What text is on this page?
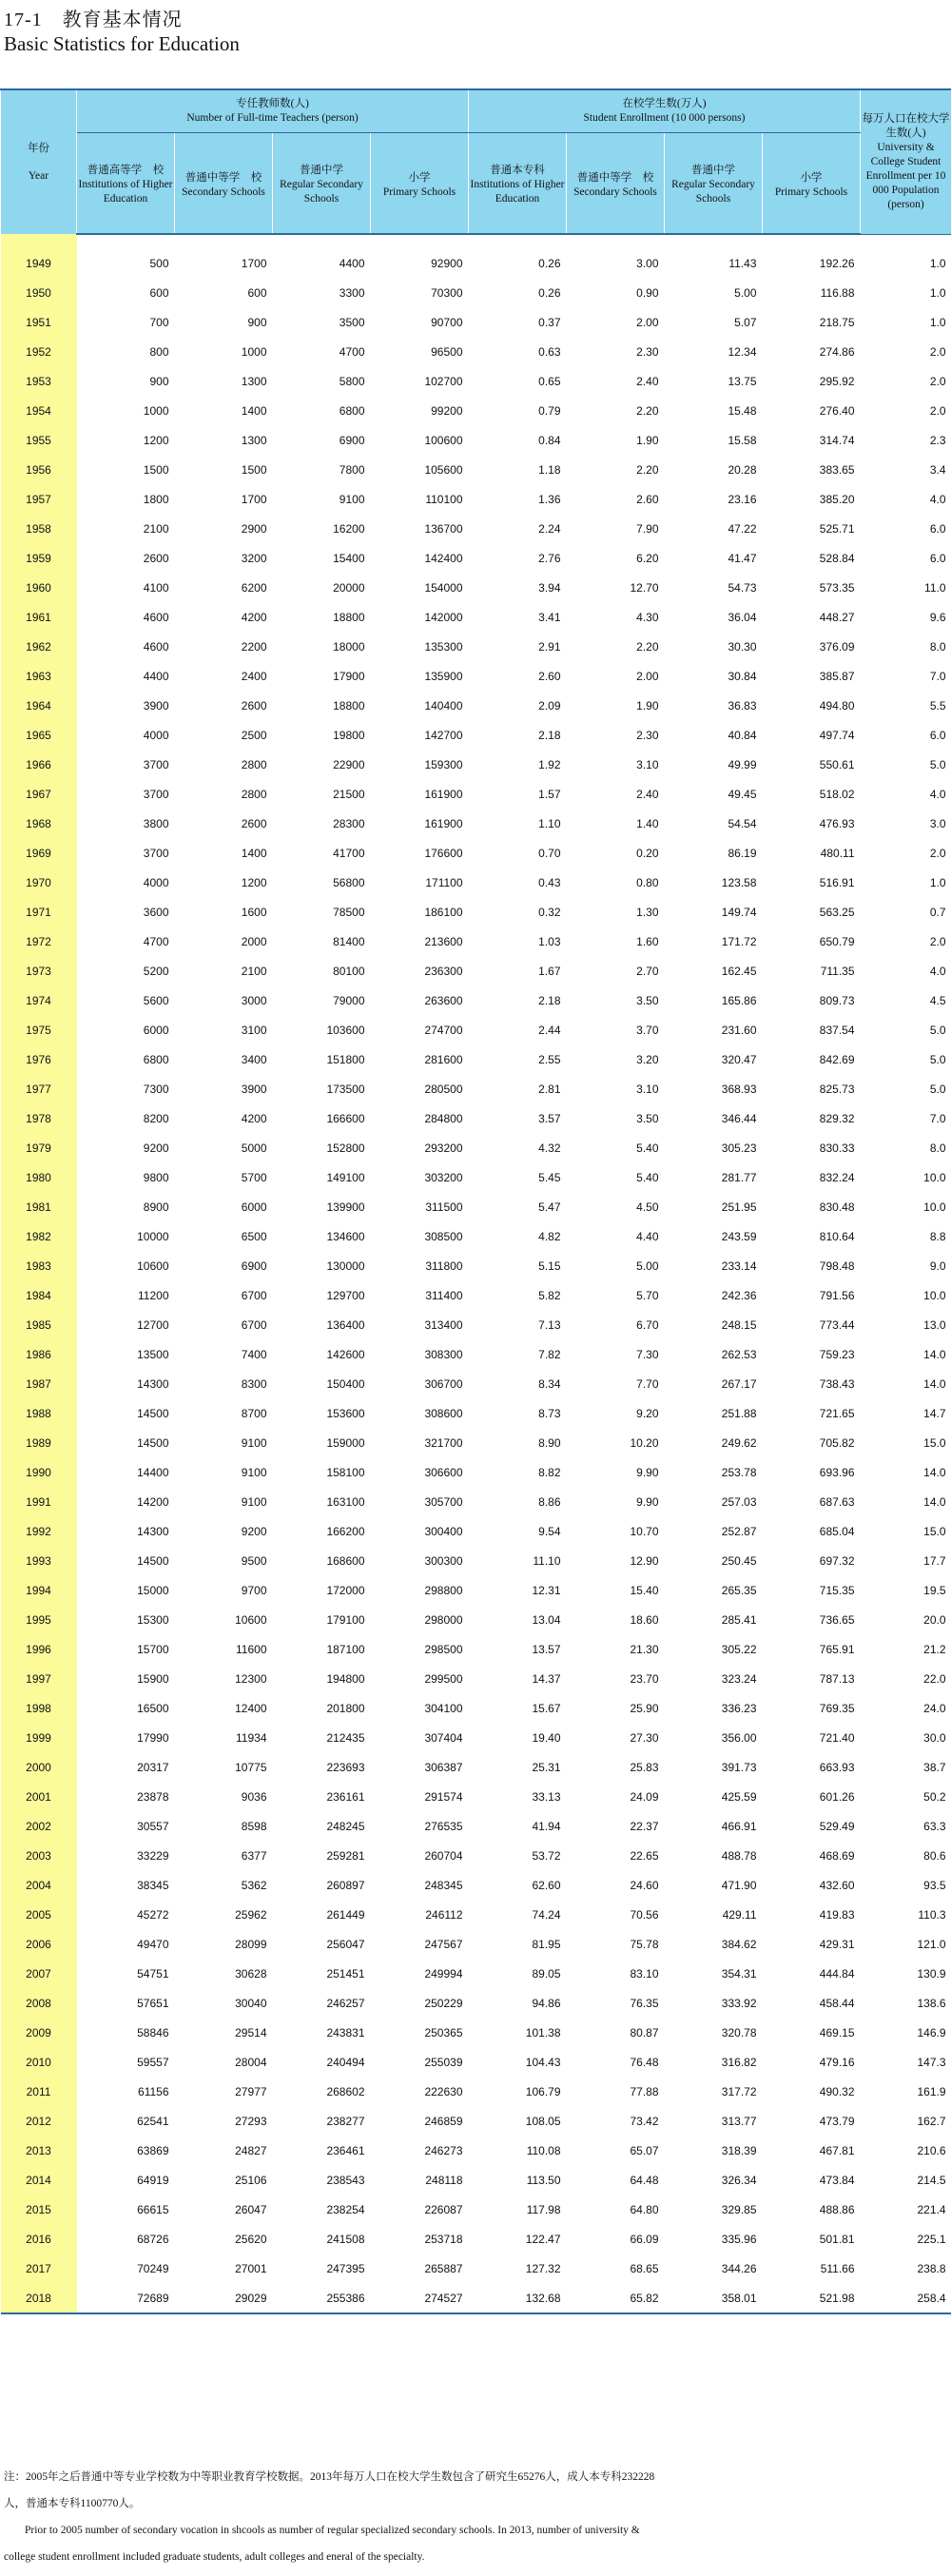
17-1　教育基本情况
Basic Statistics for Education
年份
Year	专任教师数(人)
Number of Full-time Teachers (person)				在校学生数(万人)
Student Enrollment (10 000 persons)				每万人口在校大学生数(人)
University & College Student Enrollment per 10 000 Population (person)

	普通高等学　校
Institutions of Higher Education	普通中等学　校
Secondary Schools	普通中学
Regular Secondary Schools	小学
Primary Schools	普通本专科
Institutions of Higher Education	普通中等学　校
Secondary Schools	普通中学
Regular Secondary Schools	小学
Primary Schools	

1949	500	1700	4400	92900	0.26	3.00	11.43	192.26	1.0
1950	600	600	3300	70300	0.26	0.90	5.00	116.88	1.0
1951	700	900	3500	90700	0.37	2.00	5.07	218.75	1.0
1952	800	1000	4700	96500	0.63	2.30	12.34	274.86	2.0
1953	900	1300	5800	102700	0.65	2.40	13.75	295.92	2.0
1954	1000	1400	6800	99200	0.79	2.20	15.48	276.40	2.0
1955	1200	1300	6900	100600	0.84	1.90	15.58	314.74	2.3
1956	1500	1500	7800	105600	1.18	2.20	20.28	383.65	3.4
1957	1800	1700	9100	110100	1.36	2.60	23.16	385.20	4.0
1958	2100	2900	16200	136700	2.24	7.90	47.22	525.71	6.0
1959	2600	3200	15400	142400	2.76	6.20	41.47	528.84	6.0
1960	4100	6200	20000	154000	3.94	12.70	54.73	573.35	11.0
1961	4600	4200	18800	142000	3.41	4.30	36.04	448.27	9.6
1962	4600	2200	18000	135300	2.91	2.20	30.30	376.09	8.0
1963	4400	2400	17900	135900	2.60	2.00	30.84	385.87	7.0
1964	3900	2600	18800	140400	2.09	1.90	36.83	494.80	5.5
1965	4000	2500	19800	142700	2.18	2.30	40.84	497.74	6.0
1966	3700	2800	22900	159300	1.92	3.10	49.99	550.61	5.0
1967	3700	2800	21500	161900	1.57	2.40	49.45	518.02	4.0
1968	3800	2600	28300	161900	1.10	1.40	54.54	476.93	3.0
1969	3700	1400	41700	176600	0.70	0.20	86.19	480.11	2.0
1970	4000	1200	56800	171100	0.43	0.80	123.58	516.91	1.0
1971	3600	1600	78500	186100	0.32	1.30	149.74	563.25	0.7
1972	4700	2000	81400	213600	1.03	1.60	171.72	650.79	2.0
1973	5200	2100	80100	236300	1.67	2.70	162.45	711.35	4.0
1974	5600	3000	79000	263600	2.18	3.50	165.86	809.73	4.5
1975	6000	3100	103600	274700	2.44	3.70	231.60	837.54	5.0
1976	6800	3400	151800	281600	2.55	3.20	320.47	842.69	5.0
1977	7300	3900	173500	280500	2.81	3.10	368.93	825.73	5.0
1978	8200	4200	166600	284800	3.57	3.50	346.44	829.32	7.0
1979	9200	5000	152800	293200	4.32	5.40	305.23	830.33	8.0
1980	9800	5700	149100	303200	5.45	5.40	281.77	832.24	10.0
1981	8900	6000	139900	311500	5.47	4.50	251.95	830.48	10.0
1982	10000	6500	134600	308500	4.82	4.40	243.59	810.64	8.8
1983	10600	6900	130000	311800	5.15	5.00	233.14	798.48	9.0
1984	11200	6700	129700	311400	5.82	5.70	242.36	791.56	10.0
1985	12700	6700	136400	313400	7.13	6.70	248.15	773.44	13.0
1986	13500	7400	142600	308300	7.82	7.30	262.53	759.23	14.0
1987	14300	8300	150400	306700	8.34	7.70	267.17	738.43	14.0
1988	14500	8700	153600	308600	8.73	9.20	251.88	721.65	14.7
1989	14500	9100	159000	321700	8.90	10.20	249.62	705.82	15.0
1990	14400	9100	158100	306600	8.82	9.90	253.78	693.96	14.0
1991	14200	9100	163100	305700	8.86	9.90	257.03	687.63	14.0
1992	14300	9200	166200	300400	9.54	10.70	252.87	685.04	15.0
1993	14500	9500	168600	300300	11.10	12.90	250.45	697.32	17.7
1994	15000	9700	172000	298800	12.31	15.40	265.35	715.35	19.5
1995	15300	10600	179100	298000	13.04	18.60	285.41	736.65	20.0
1996	15700	11600	187100	298500	13.57	21.30	305.22	765.91	21.2
1997	15900	12300	194800	299500	14.37	23.70	323.24	787.13	22.0
1998	16500	12400	201800	304100	15.67	25.90	336.23	769.35	24.0
1999	17990	11934	212435	307404	19.40	27.30	356.00	721.40	30.0
2000	20317	10775	223693	306387	25.31	25.83	391.73	663.93	38.7
2001	23878	9036	236161	291574	33.13	24.09	425.59	601.26	50.2
2002	30557	8598	248245	276535	41.94	22.37	466.91	529.49	63.3
2003	33229	6377	259281	260704	53.72	22.65	488.78	468.69	80.6
2004	38345	5362	260897	248345	62.60	24.60	471.90	432.60	93.5
2005	45272	25962	261449	246112	74.24	70.56	429.11	419.83	110.3
2006	49470	28099	256047	247567	81.95	75.78	384.62	429.31	121.0
2007	54751	30628	251451	249994	89.05	83.10	354.31	444.84	130.9
2008	57651	30040	246257	250229	94.86	76.35	333.92	458.44	138.6
2009	58846	29514	243831	250365	101.38	80.87	320.78	469.15	146.9
2010	59557	28004	240494	255039	104.43	76.48	316.82	479.16	147.3
2011	61156	27977	268602	222630	106.79	77.88	317.72	490.32	161.9
2012	62541	27293	238277	246859	108.05	73.42	313.77	473.79	162.7
2013	63869	24827	236461	246273	110.08	65.07	318.39	467.81	210.6
2014	64919	25106	238543	248118	113.50	64.48	326.34	473.84	214.5
2015	66615	26047	238254	226087	117.98	64.80	329.85	488.86	221.4
2016	68726	25620	241508	253718	122.47	66.09	335.96	501.81	225.1
2017	70249	27001	247395	265887	127.32	68.65	344.26	511.66	238.8
2018	72689	29029	255386	274527	132.68	65.82	358.01	521.98	258.4

注：2005年之后普通中等专业学校数为中等职业教育学校数据。2013年每万人口在校大学生数包含了研究生65276人，成人本专科232228

人，普通本专科1100770人。

Prior to 2005 number of secondary vocation in shcools as number of regular specialized secondary schools. In 2013, number of university &

college student enrollment included graduate students, adult colleges and eneral of the specialty.
